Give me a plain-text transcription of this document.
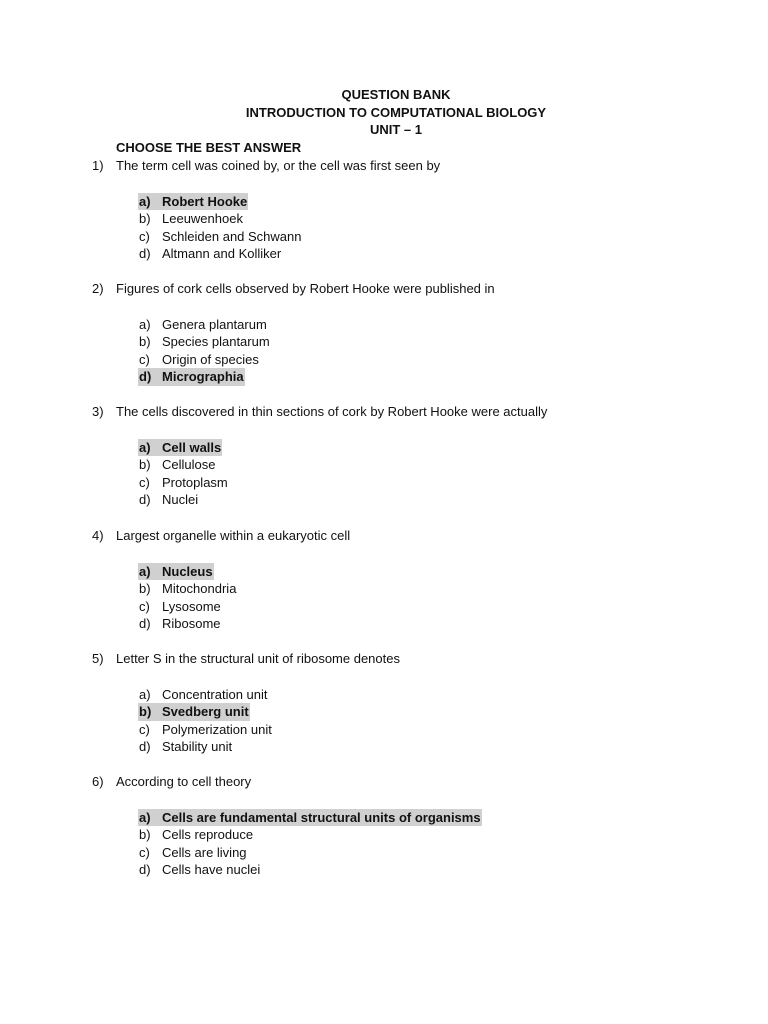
QUESTION BANK
INTRODUCTION TO COMPUTATIONAL BIOLOGY
UNIT – 1
CHOOSE THE BEST ANSWER
1) The term cell was coined by, or the cell was first seen by
a) Robert Hooke
b) Leeuwenhoek
c) Schleiden and Schwann
d) Altmann and Kolliker
2) Figures of cork cells observed by Robert Hooke were published in
a) Genera plantarum
b) Species plantarum
c) Origin of species
d) Micrographia
3) The cells discovered in thin sections of cork by Robert Hooke were actually
a) Cell walls
b) Cellulose
c) Protoplasm
d) Nuclei
4) Largest organelle within a eukaryotic cell
a) Nucleus
b) Mitochondria
c) Lysosome
d) Ribosome
5) Letter S in the structural unit of ribosome denotes
a) Concentration unit
b) Svedberg unit
c) Polymerization unit
d) Stability unit
6) According to cell theory
a) Cells are fundamental structural units of organisms
b) Cells reproduce
c) Cells are living
d) Cells have nuclei
